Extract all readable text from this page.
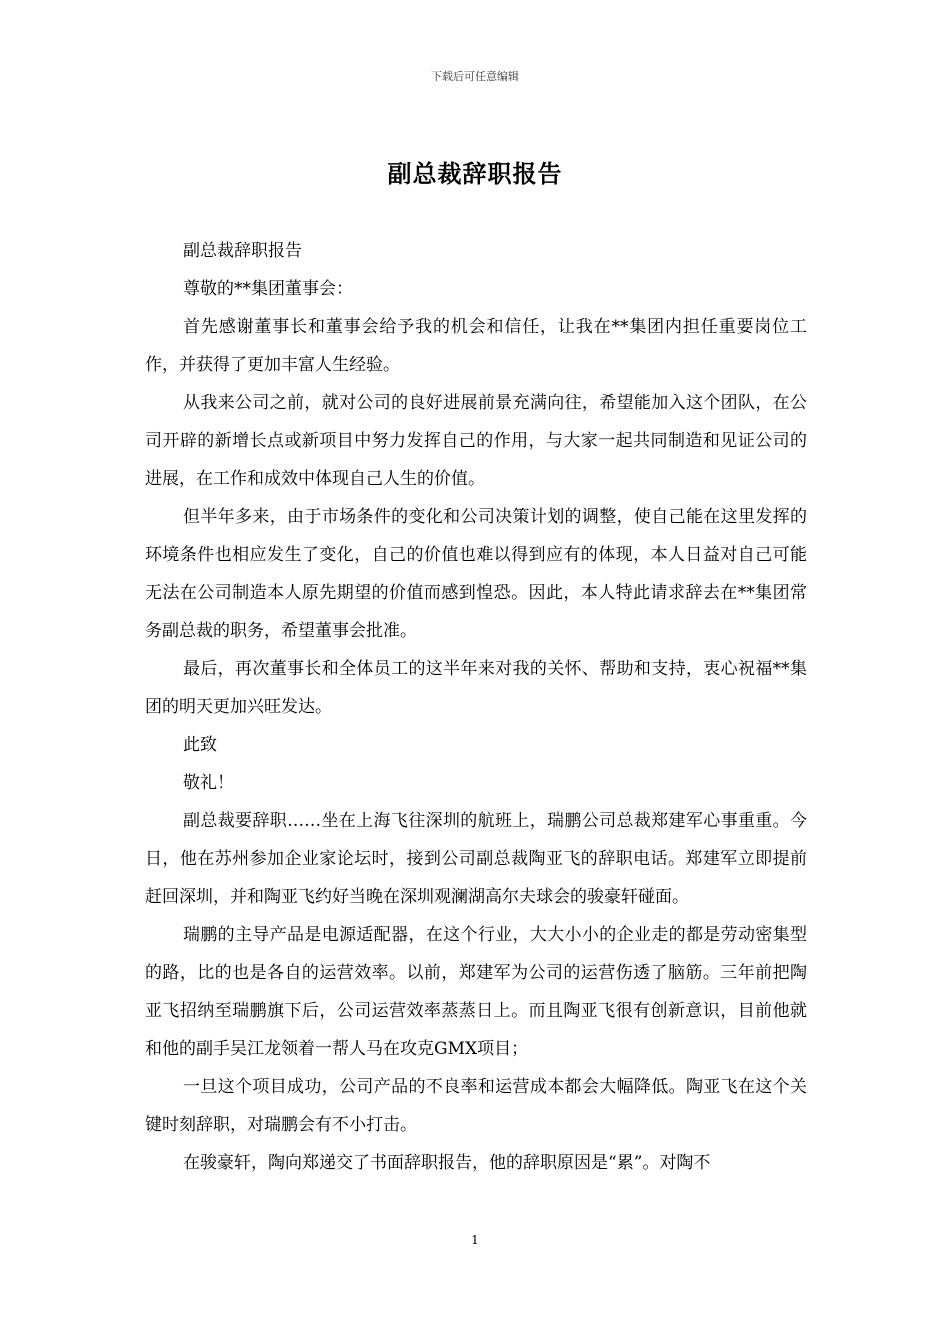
下载后可任意编辑
副总裁辞职报告

副总裁辞职报告

尊敬的**集团董事会：

首先感谢董事长和董事会给予我的机会和信任，让我在**集团内担任重要岗位工作，并获得了更加丰富人生经验。

从我来公司之前，就对公司的良好进展前景充满向往，希望能加入这个团队，在公司开辟的新增长点或新项目中努力发挥自己的作用，与大家一起共同制造和见证公司的进展，在工作和成效中体现自己人生的价值。

但半年多来，由于市场条件的变化和公司决策计划的调整，使自己能在这里发挥的环境条件也相应发生了变化，自己的价值也难以得到应有的体现，本人日益对自己可能无法在公司制造本人原先期望的价值而感到惶恐。因此，本人特此请求辞去在**集团常务副总裁的职务，希望董事会批准。

最后，再次董事长和全体员工的这半年来对我的关怀、帮助和支持，衷心祝福**集团的明天更加兴旺发达。

此致

敬礼！

副总裁要辞职……坐在上海飞往深圳的航班上，瑞鹏公司总裁郑建军心事重重。今日，他在苏州参加企业家论坛时，接到公司副总裁陶亚飞的辞职电话。郑建军立即提前赶回深圳，并和陶亚飞约好当晚在深圳观澜湖高尔夫球会的骏豪轩碰面。

瑞鹏的主导产品是电源适配器，在这个行业，大大小小的企业走的都是劳动密集型的路，比的也是各自的运营效率。以前，郑建军为公司的运营伤透了脑筋。三年前把陶亚飞招纳至瑞鹏旗下后，公司运营效率蒸蒸日上。而且陶亚飞很有创新意识，目前他就和他的副手吴江龙领着一帮人马在攻克GMX项目；

一旦这个项目成功，公司产品的不良率和运营成本都会大幅降低。陶亚飞在这个关键时刻辞职，对瑞鹏会有不小打击。

在骏豪轩，陶向郑递交了书面辞职报告，他的辞职原因是“累”。对陶不

1
